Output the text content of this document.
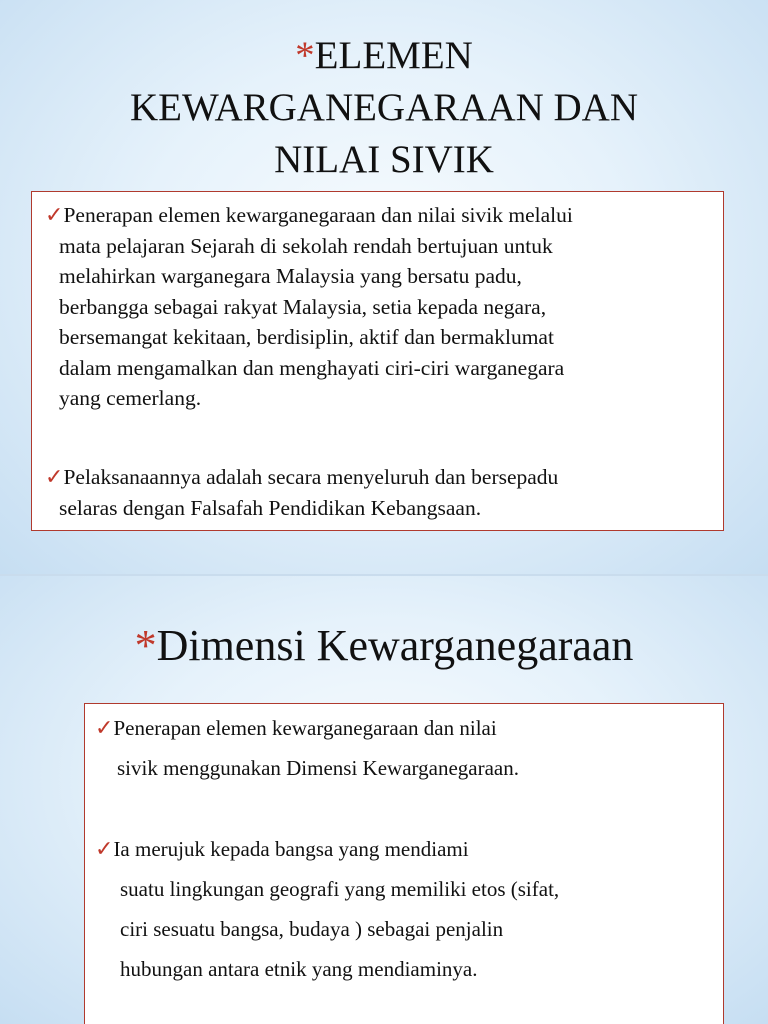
*ELEMEN
KEWARGANEGARAAN DAN
NILAI SIVIK
✓Penerapan elemen kewarganegaraan dan nilai sivik melalui
mata pelajaran Sejarah di sekolah rendah bertujuan untuk
melahirkan warganegara Malaysia yang bersatu padu,
berbangga sebagai rakyat Malaysia, setia kepada negara,
bersemangat kekitaan, berdisiplin, aktif dan bermaklumat
dalam mengamalkan dan menghayati ciri-ciri warganegara
yang cemerlang.
✓Pelaksanaannya adalah secara menyeluruh dan bersepadu
selaras dengan Falsafah Pendidikan Kebangsaan.
*Dimensi Kewarganegaraan
✓Penerapan elemen kewarganegaraan dan nilai
sivik menggunakan Dimensi Kewarganegaraan.
✓Ia merujuk kepada bangsa yang mendiami
suatu lingkungan geografi yang memiliki etos (sifat,
ciri sesuatu bangsa, budaya ) sebagai penjalin
hubungan antara etnik yang mendiaminya.
